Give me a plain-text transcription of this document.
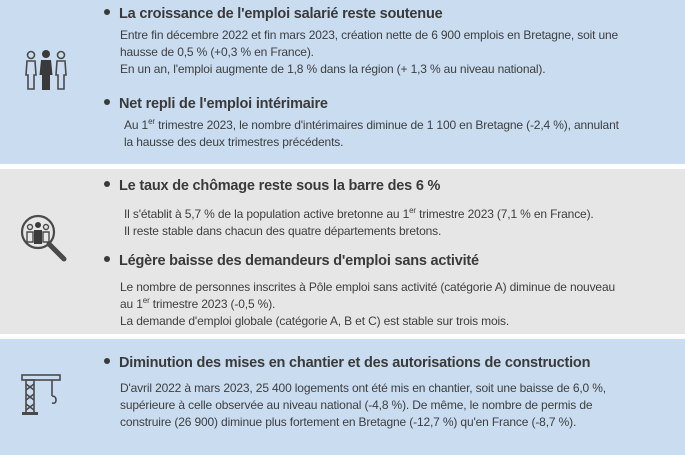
La croissance de l'emploi salarié reste soutenue
Entre fin décembre 2022 et fin mars 2023, création nette de 6 900 emplois en Bretagne, soit une
hausse de 0,5 % (+0,3 % en France).
En un an, l'emploi augmente de 1,8 % dans la région (+ 1,3 % au niveau national).
Net repli de l'emploi intérimaire
Au 1er trimestre 2023, le nombre d'intérimaires diminue de 1 100 en Bretagne (-2,4 %), annulant
la hausse des deux trimestres précédents.
Le taux de chômage reste sous la barre des 6 %
Il s'établit à 5,7 % de la population active bretonne au 1er trimestre 2023 (7,1 % en France).
Il reste stable dans chacun des quatre départements bretons.
Légère baisse des demandeurs d'emploi sans activité
Le nombre de personnes inscrites à Pôle emploi sans activité (catégorie A) diminue de nouveau
au 1er trimestre 2023 (-0,5 %).
La demande d'emploi globale (catégorie A, B et C) est stable sur trois mois.
Diminution des mises en chantier et des autorisations de construction
D'avril 2022 à mars 2023, 25 400 logements ont été mis en chantier, soit une baisse de 6,0 %,
supérieure à celle observée au niveau national (-4,8 %). De même, le nombre de permis de
construire (26 900) diminue plus fortement en Bretagne (-12,7 %) qu'en France (-8,7 %).
